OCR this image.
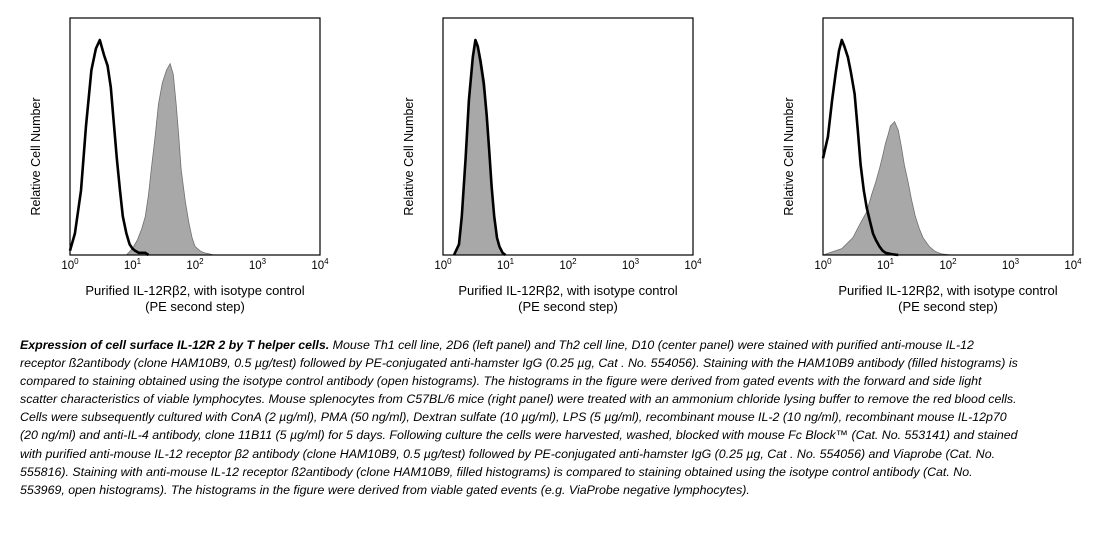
$10^0$	$10^1$	$10^2$	$10^3$	$10^4$
Purified IL-12Rβ2, with isotype control
(PE second step)
Relative Cell Number
$10^0$	$10^1$	$10^2$	$10^3$	$10^4$
Purified IL-12Rβ2, with isotype control
(PE second step)
Relative Cell Number
$10^0$	$10^1$	$10^2$	$10^3$	$10^4$
Purified IL-12Rβ2, with isotype control
(PE second step)
Relative Cell Number

Expression of cell surface IL-12R 2 by T helper cells. Mouse Th1 cell line, 2D6 (left panel) and Th2 cell line, D10 (center panel) were stained with purified anti-mouse IL-12 receptor ß2antibody (clone HAM10B9, 0.5 µg/test) followed by PE-conjugated anti-hamster IgG (0.25 µg, Cat . No. 554056). Staining with the HAM10B9 antibody (filled histograms) is compared to staining obtained using the isotype control antibody (open histograms). The histograms in the figure were derived from gated events with the forward and side light scatter characteristics of viable lymphocytes. Mouse splenocytes from C57BL/6 mice (right panel) were treated with an ammonium chloride lysing buffer to remove the red blood cells. Cells were subsequently cultured with ConA (2 µg/ml), PMA (50 ng/ml), Dextran sulfate (10 µg/ml), LPS (5 µg/ml), recombinant mouse IL-2 (10 ng/ml), recombinant mouse IL-12p70 (20 ng/ml) and anti-IL-4 antibody, clone 11B11 (5 µg/ml) for 5 days. Following culture the cells were harvested, washed, blocked with mouse Fc Block™ (Cat. No. 553141) and stained with purified anti-mouse IL-12 receptor β2 antibody (clone HAM10B9, 0.5 µg/test) followed by PE-conjugated anti-hamster IgG (0.25 µg, Cat . No. 554056) and Viaprobe (Cat. No. 555816). Staining with anti-mouse IL-12 receptor ß2antibody (clone HAM10B9, filled histograms) is compared to staining obtained using the isotype control antibody (Cat. No. 553969, open histograms). The histograms in the figure were derived from viable gated events (e.g. ViaProbe negative lymphocytes).
